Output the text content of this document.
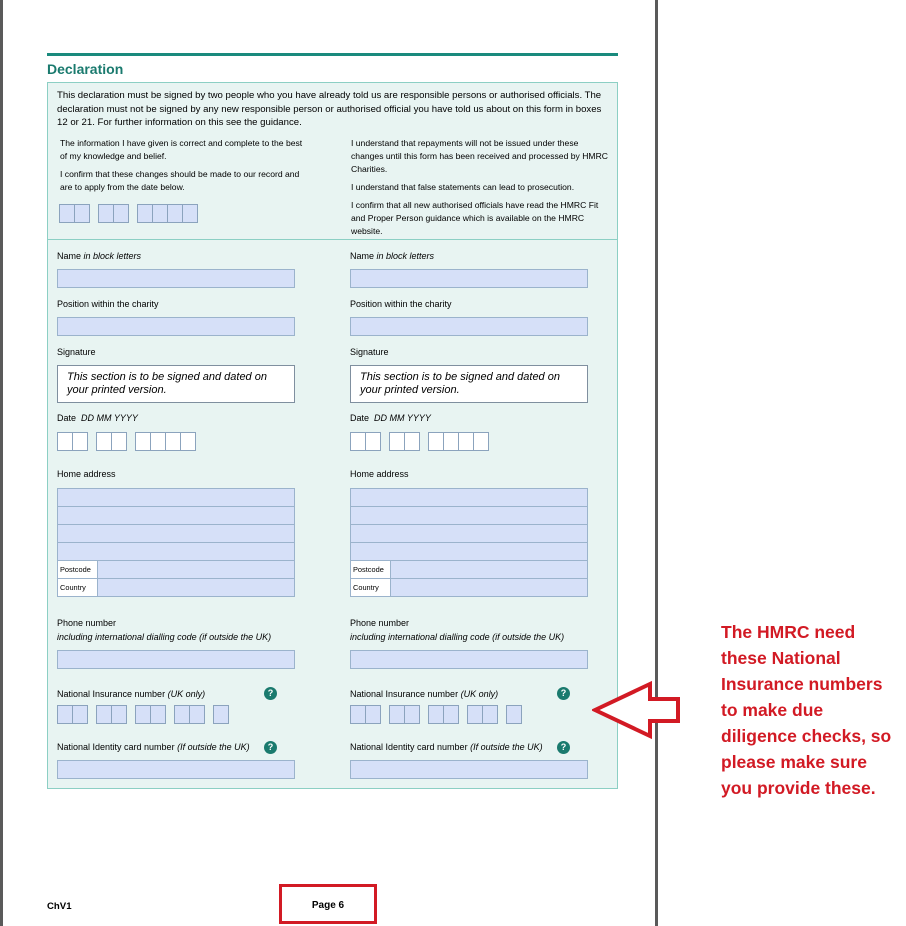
Declaration
This declaration must be signed by two people who you have already told us are responsible persons or authorised officials. The declaration must not be signed by any new responsible person or authorised official you have told us about on this form in boxes 12 or 21. For further information on this see the guidance.

The information I have given is correct and complete to the best of my knowledge and belief.

I confirm that these changes should be made to our record and are to apply from the date below.

I understand that repayments will not be issued under these changes until this form has been received and processed by HMRC Charities.

I understand that false statements can lead to prosecution.

I confirm that all new authorised officials have read the HMRC Fit and Proper Person guidance which is available on the HMRC website.

Name in block letters
Position within the charity
Signature
This section is to be signed and dated on your printed version.
Date DD MM YYYY
Home address
Postcode
Country
Phone number
including international dialling code (if outside the UK)
National Insurance number (UK only)	?
National Identity card number (If outside the UK)	?
Name in block letters
Position within the charity
Signature
This section is to be signed and dated on your printed version.
Date DD MM YYYY
Home address
Postcode
Country
Phone number
including international dialling code (if outside the UK)
National Insurance number (UK only)	?
National Identity card number (If outside the UK)	?
ChV1	Page 6
The HMRC need these National Insurance numbers to make due diligence checks, so please make sure you provide these.
